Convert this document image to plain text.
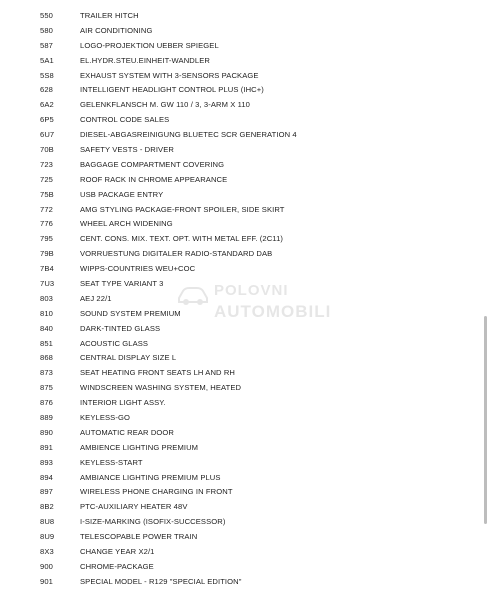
550	TRAILER HITCH
580	AIR CONDITIONING
587	LOGO-PROJEKTION UEBER SPIEGEL
5A1	EL.HYDR.STEU.EINHEIT-WANDLER
5S8	EXHAUST SYSTEM WITH 3-SENSORS PACKAGE
628	INTELLIGENT HEADLIGHT CONTROL PLUS (IHC+)
6A2	GELENKFLANSCH M. GW 110 / 3, 3-ARM X 110
6P5	CONTROL CODE SALES
6U7	DIESEL-ABGASREINIGUNG BLUETEC SCR GENERATION 4
70B	SAFETY VESTS - DRIVER
723	BAGGAGE COMPARTMENT COVERING
725	ROOF RACK IN CHROME APPEARANCE
75B	USB PACKAGE ENTRY
772	AMG STYLING PACKAGE-FRONT SPOILER, SIDE SKIRT
776	WHEEL ARCH WIDENING
795	CENT. CONS. MIX. TEXT. OPT. WITH METAL EFF. (2C11)
79B	VORRUESTUNG DIGITALER RADIO-STANDARD DAB
7B4	WIPPS-COUNTRIES WEU+COC
7U3	SEAT TYPE VARIANT 3
803	AEJ 22/1
810	SOUND SYSTEM PREMIUM
840	DARK-TINTED GLASS
851	ACOUSTIC GLASS
868	CENTRAL DISPLAY SIZE L
873	SEAT HEATING FRONT SEATS LH AND RH
875	WINDSCREEN WASHING SYSTEM, HEATED
876	INTERIOR LIGHT ASSY.
889	KEYLESS-GO
890	AUTOMATIC REAR DOOR
891	AMBIENCE LIGHTING PREMIUM
893	KEYLESS-START
894	AMBIANCE LIGHTING PREMIUM PLUS
897	WIRELESS PHONE CHARGING IN FRONT
8B2	PTC-AUXILIARY HEATER 48V
8U8	I-SIZE-MARKING (ISOFIX-SUCCESSOR)
8U9	TELESCOPABLE POWER TRAIN
8X3	CHANGE YEAR X2/1
900	CHROME-PACKAGE
901	SPECIAL MODEL - R129 "SPECIAL EDITION"
POLOVNI
AUTOMOBILI
